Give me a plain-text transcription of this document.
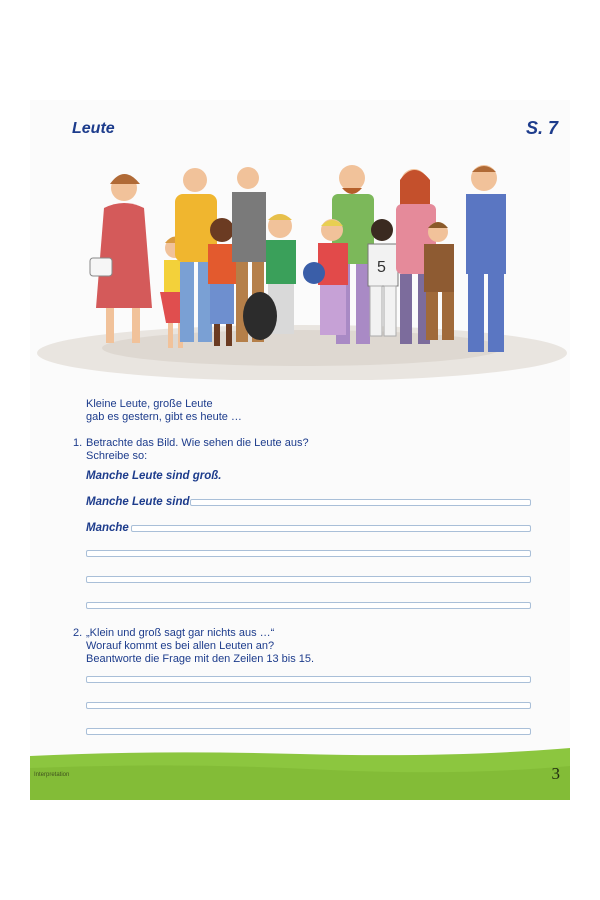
Leute	S. 7
5
Kleine Leute, große Leute
gab es gestern, gibt es heute …
1. Betrachte das Bild. Wie sehen die Leute aus?
Schreibe so:
Manche Leute sind groß.
Manche Leute sind
Manche
2. „Klein und groß sagt gar nichts aus …“
Worauf kommt es bei allen Leuten an?
Beantworte die Frage mit den Zeilen 13 bis 15.
Interpretation	3
